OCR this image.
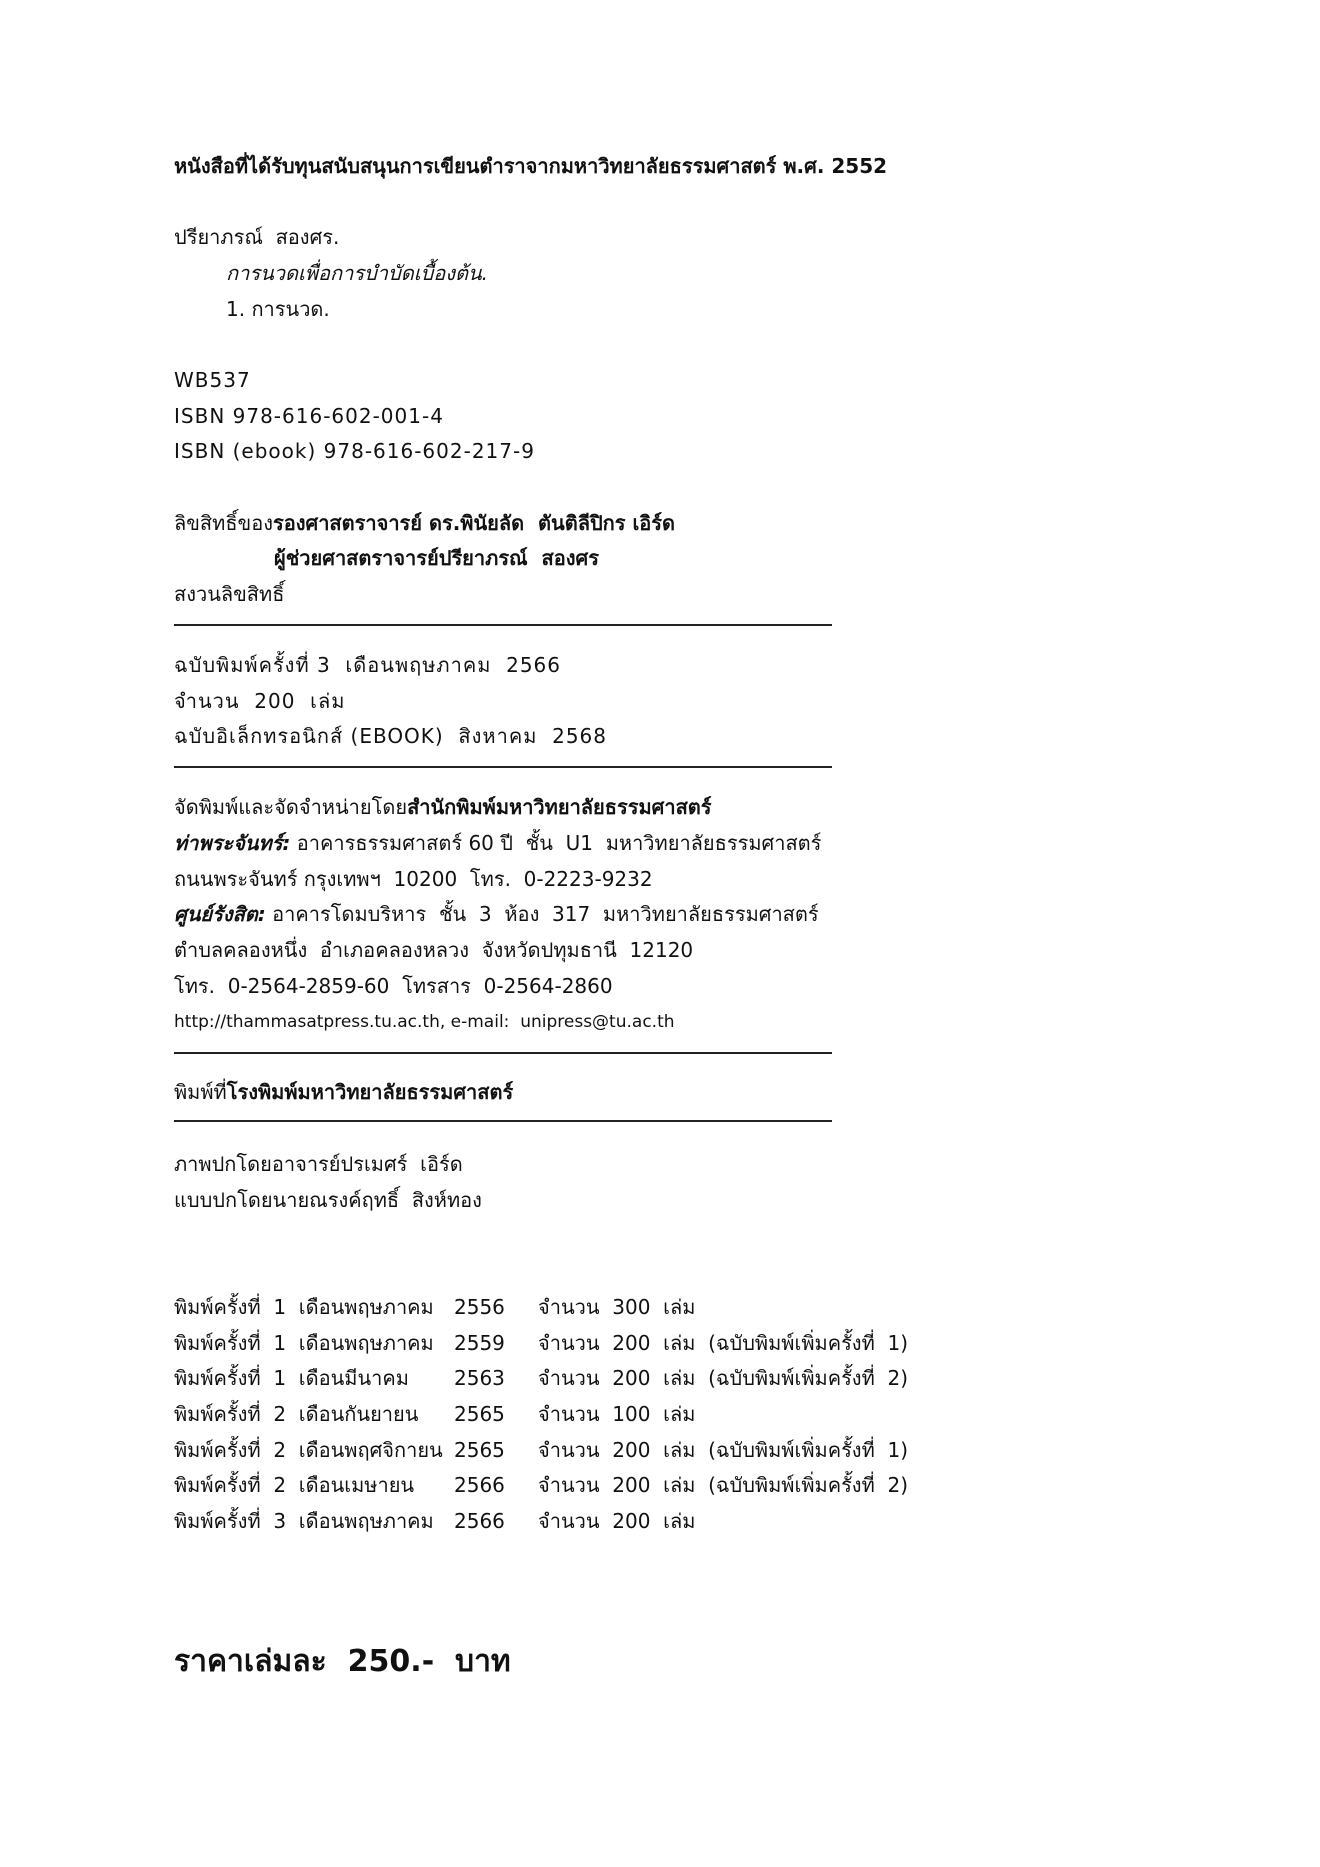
หนังสือที่ได้รับทุนสนับสนุนการเขียนตำราจากมหาวิทยาลัยธรรมศาสตร์ พ.ศ. 2552
ปรียาภรณ์  สองศร.
การนวดเพื่อการบำบัดเบื้องต้น.
1. การนวด.
WB537
ISBN 978-616-602-001-4
ISBN (ebook) 978-616-602-217-9
ลิขสิทธิ์ของรองศาสตราจารย์ ดร.พินัยลัด  ตันติลีปิกร เอิร์ด
ผู้ช่วยศาสตราจารย์ปรียาภรณ์  สองศร
สงวนลิขสิทธิ์
ฉบับพิมพ์ครั้งที่ 3  เดือนพฤษภาคม  2566
จำนวน  200  เล่ม
ฉบับอิเล็กทรอนิกส์ (EBOOK)  สิงหาคม  2568
จัดพิมพ์และจัดจำหน่ายโดยสำนักพิมพ์มหาวิทยาลัยธรรมศาสตร์
ท่าพระจันทร์: อาคารธรรมศาสตร์ 60 ปี  ชั้น  U1  มหาวิทยาลัยธรรมศาสตร์
ถนนพระจันทร์ กรุงเทพฯ  10200  โทร.  0-2223-9232
ศูนย์รังสิต: อาคารโดมบริหาร  ชั้น  3  ห้อง  317  มหาวิทยาลัยธรรมศาสตร์
ตำบลคลองหนึ่ง  อำเภอคลองหลวง  จังหวัดปทุมธานี  12120
โทร.  0-2564-2859-60  โทรสาร  0-2564-2860
http://thammasatpress.tu.ac.th, e-mail:  unipress@tu.ac.th
พิมพ์ที่โรงพิมพ์มหาวิทยาลัยธรรมศาสตร์
ภาพปกโดยอาจารย์ปรเมศร์  เอิร์ด
แบบปกโดยนายณรงค์ฤทธิ์  สิงห์ทอง

พิมพ์ครั้งที่  1  เดือนพฤษภาคม

2556

จำนวน  300  เล่ม

พิมพ์ครั้งที่  1  เดือนพฤษภาคม

2559

จำนวน  200  เล่ม  (ฉบับพิมพ์เพิ่มครั้งที่  1)

พิมพ์ครั้งที่  1  เดือนมีนาคม

2563

จำนวน  200  เล่ม  (ฉบับพิมพ์เพิ่มครั้งที่  2)

พิมพ์ครั้งที่  2  เดือนกันยายน

2565

จำนวน  100  เล่ม

พิมพ์ครั้งที่  2  เดือนพฤศจิกายน

2565

จำนวน  200  เล่ม  (ฉบับพิมพ์เพิ่มครั้งที่  1)

พิมพ์ครั้งที่  2  เดือนเมษายน

2566

จำนวน  200  เล่ม  (ฉบับพิมพ์เพิ่มครั้งที่  2)

พิมพ์ครั้งที่  3  เดือนพฤษภาคม

2566

จำนวน  200  เล่ม

ราคาเล่มละ  250.-  บาท
